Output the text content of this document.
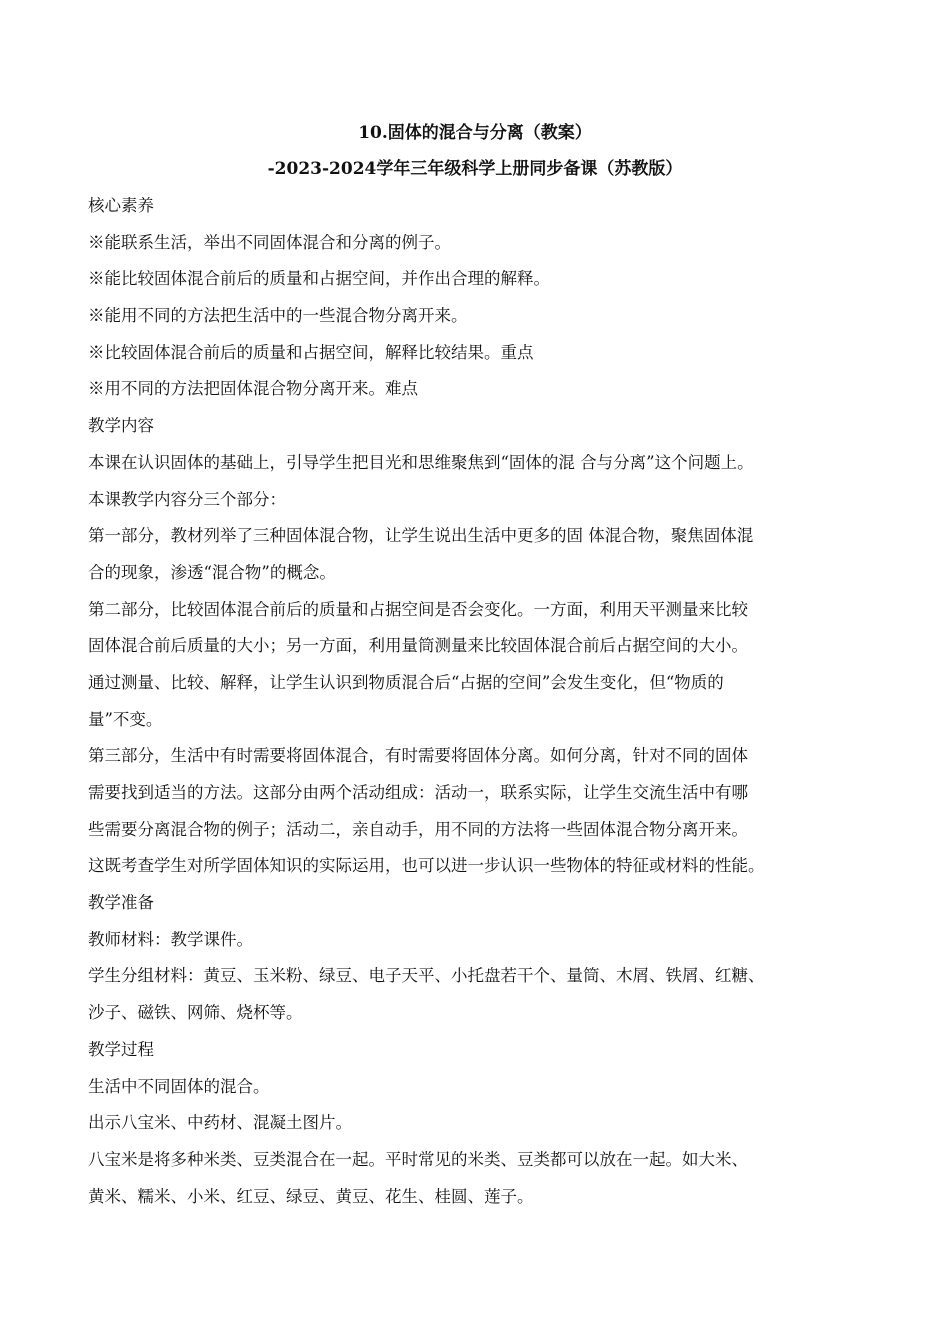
10.固体的混合与分离（教案）
-2023-2024学年三年级科学上册同步备课（苏教版）
核心素养
※能联系生活，举出不同固体混合和分离的例子。
※能比较固体混合前后的质量和占据空间，并作出合理的解释。
※能用不同的方法把生活中的一些混合物分离开来。
※比较固体混合前后的质量和占据空间，解释比较结果。重点
※用不同的方法把固体混合物分离开来。难点
教学内容
本课在认识固体的基础上，引导学生把目光和思维聚焦到“固体的混 合与分离”这个问题上。
本课教学内容分三个部分：
第一部分，教材列举了三种固体混合物，让学生说出生活中更多的固 体混合物，聚焦固体混
合的现象，渗透“混合物”的概念。
第二部分，比较固体混合前后的质量和占据空间是否会变化。一方面，利用天平测量来比较
固体混合前后质量的大小；另一方面，利用量筒测量来比较固体混合前后占据空间的大小。
通过测量、比较、解释，让学生认识到物质混合后“占据的空间”会发生变化，但“物质的
量”不变。
第三部分，生活中有时需要将固体混合，有时需要将固体分离。如何分离，针对不同的固体
需要找到适当的方法。这部分由两个活动组成：活动一，联系实际，让学生交流生活中有哪
些需要分离混合物的例子；活动二，亲自动手，用不同的方法将一些固体混合物分离开来。
这既考查学生对所学固体知识的实际运用，也可以进一步认识一些物体的特征或材料的性能。
教学准备
教师材料：教学课件。
学生分组材料：黄豆、玉米粉、绿豆、电子天平、小托盘若干个、量筒、木屑、铁屑、红糖、
沙子、磁铁、网筛、烧杯等。
教学过程
生活中不同固体的混合。
出示八宝米、中药材、混凝土图片。
八宝米是将多种米类、豆类混合在一起。平时常见的米类、豆类都可以放在一起。如大米、
黄米、糯米、小米、红豆、绿豆、黄豆、花生、桂圆、莲子。
